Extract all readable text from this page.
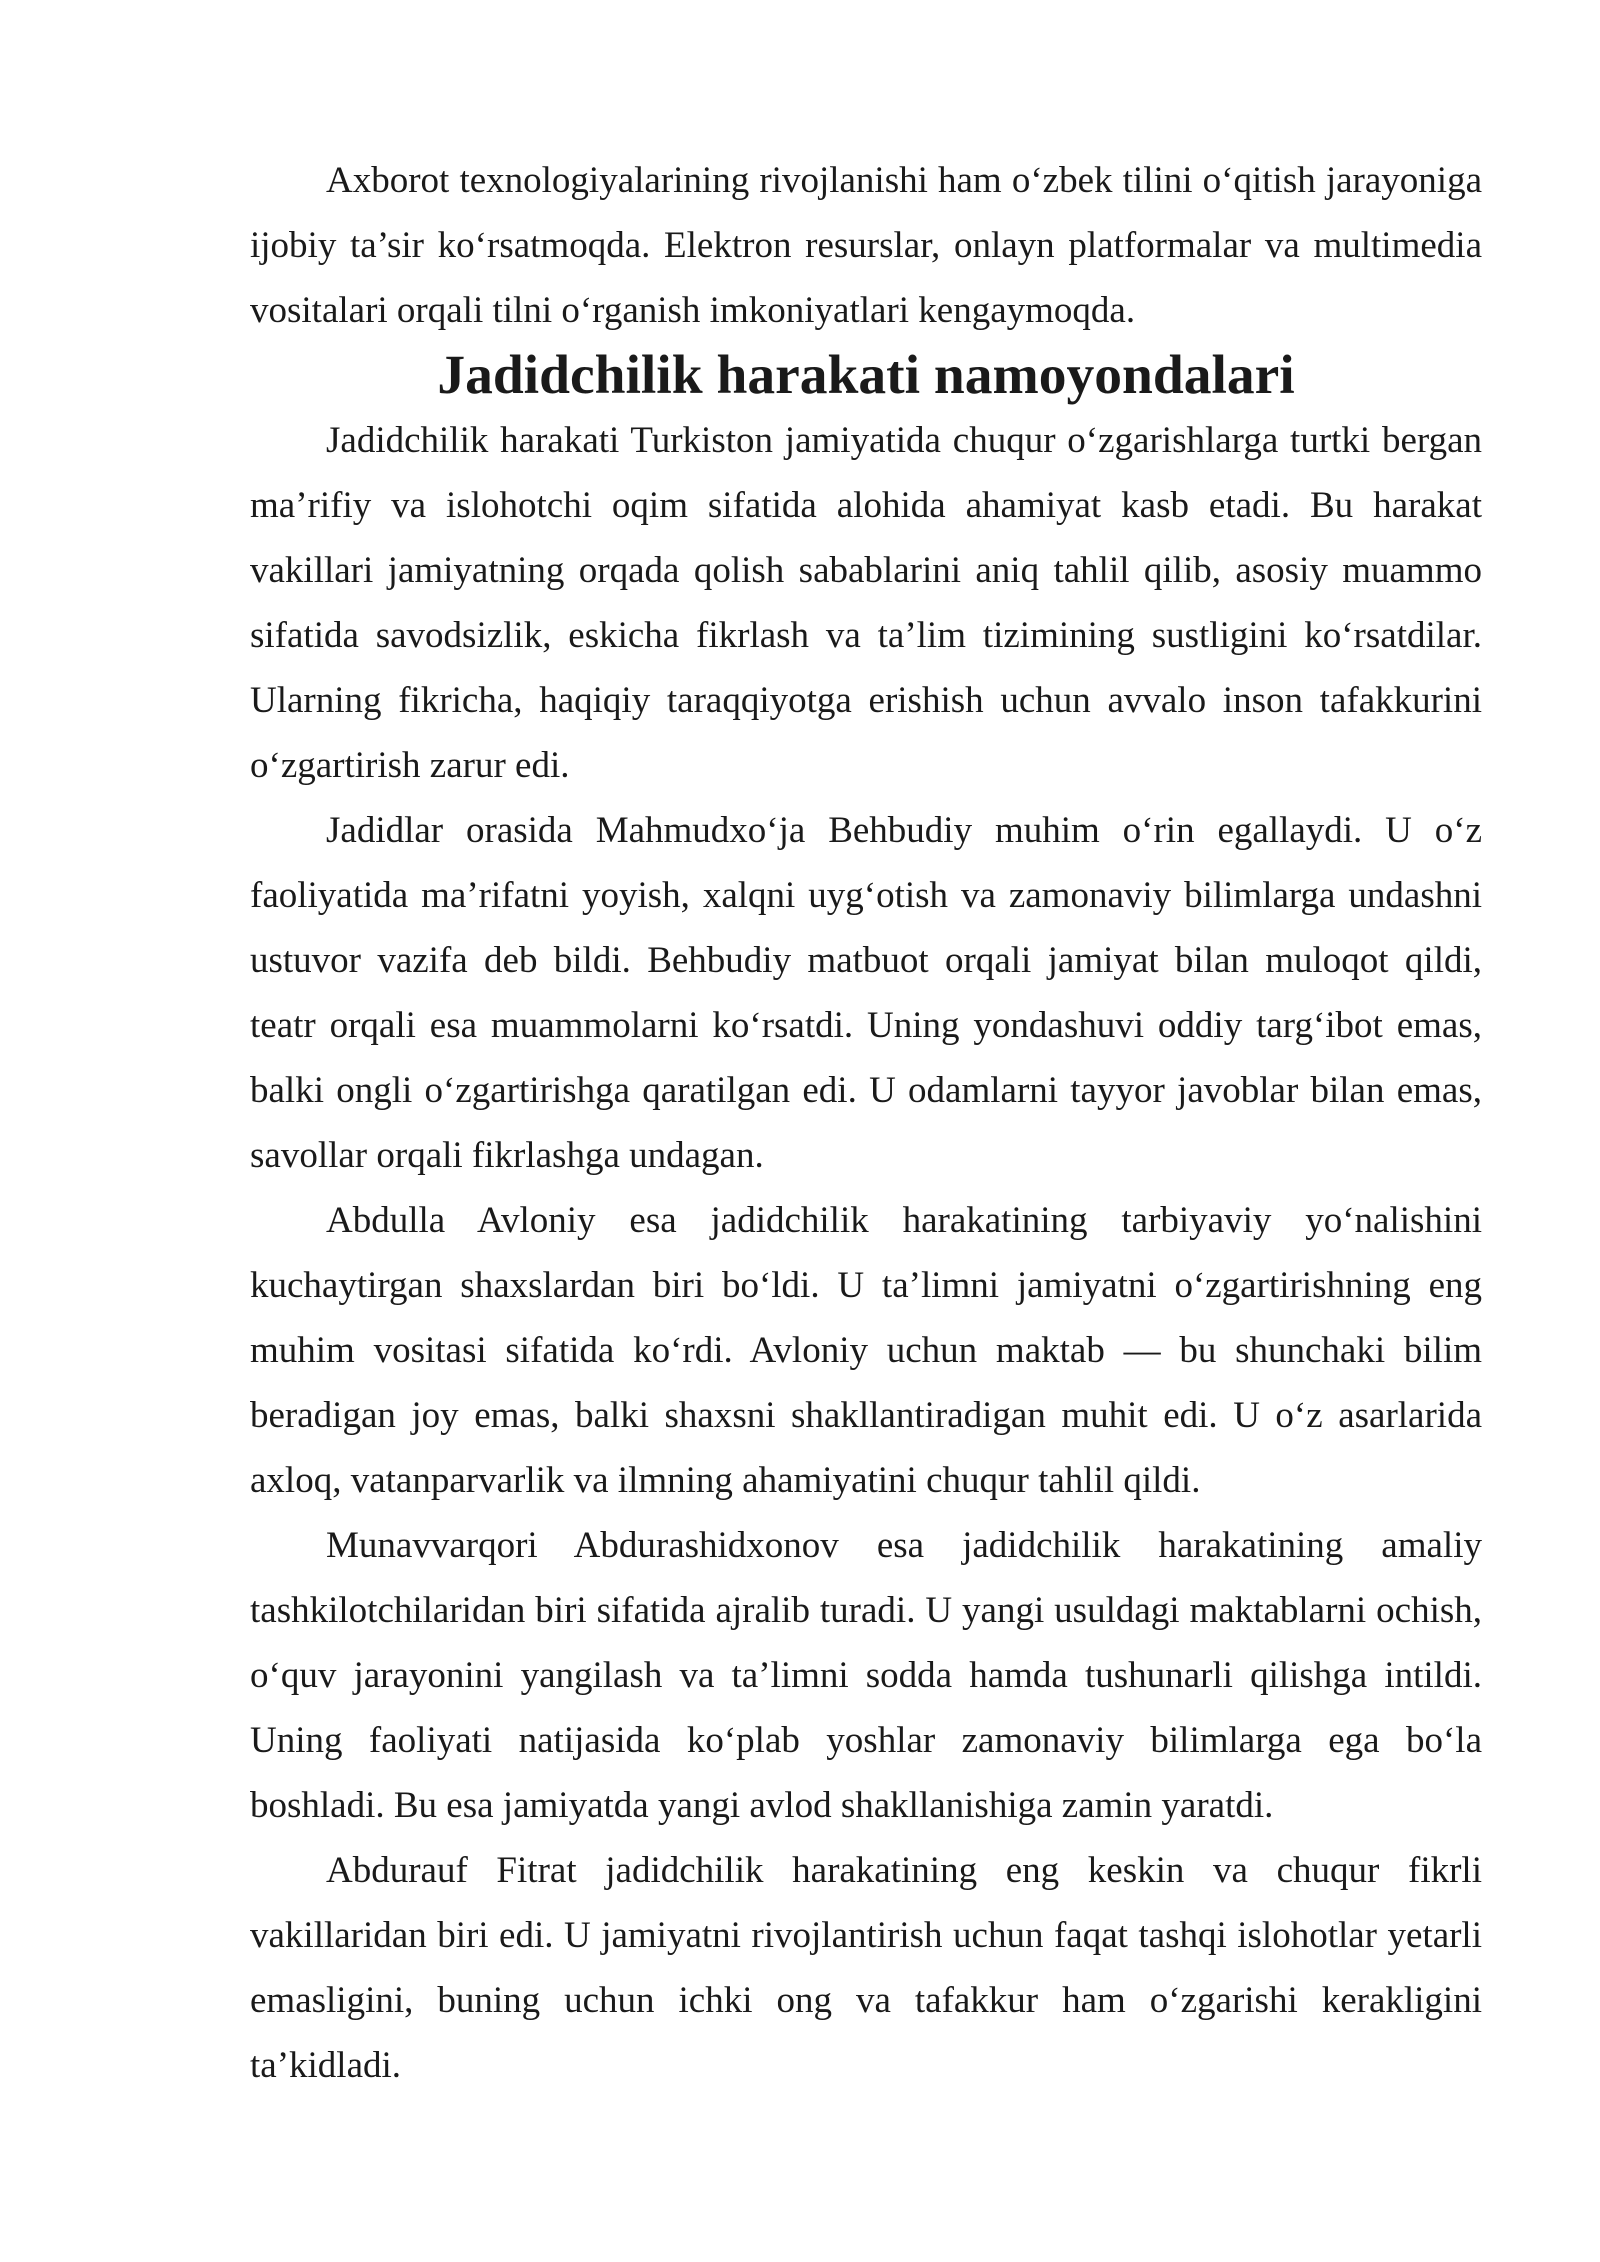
Axborot texnologiyalarining rivojlanishi ham o‘zbek tilini o‘qitish jarayoniga ijobiy ta’sir ko‘rsatmoqda. Elektron resurslar, onlayn platformalar va multimedia vositalari orqali tilni o‘rganish imkoniyatlari kengaymoqda.

Jadidchilik harakati namoyondalari

Jadidchilik harakati Turkiston jamiyatida chuqur o‘zgarishlarga turtki bergan ma’rifiy va islohotchi oqim sifatida alohida ahamiyat kasb etadi. Bu harakat vakillari jamiyatning orqada qolish sabablarini aniq tahlil qilib, asosiy muammo sifatida savodsizlik, eskicha fikrlash va ta’lim tizimining sustligini ko‘rsatdilar. Ularning fikricha, haqiqiy taraqqiyotga erishish uchun avvalo inson tafakkurini o‘zgartirish zarur edi.

Jadidlar orasida Mahmudxo‘ja Behbudiy muhim o‘rin egallaydi. U o‘z faoliyatida ma’rifatni yoyish, xalqni uyg‘otish va zamonaviy bilimlarga undashni ustuvor vazifa deb bildi. Behbudiy matbuot orqali jamiyat bilan muloqot qildi, teatr orqali esa muammolarni ko‘rsatdi. Uning yondashuvi oddiy targ‘ibot emas, balki ongli o‘zgartirishga qaratilgan edi. U odamlarni tayyor javoblar bilan emas, savollar orqali fikrlashga undagan.

Abdulla Avloniy esa jadidchilik harakatining tarbiyaviy yo‘nalishini kuchaytirgan shaxslardan biri bo‘ldi. U ta’limni jamiyatni o‘zgartirishning eng muhim vositasi sifatida ko‘rdi. Avloniy uchun maktab — bu shunchaki bilim beradigan joy emas, balki shaxsni shakllantiradigan muhit edi. U o‘z asarlarida axloq, vatanparvarlik va ilmning ahamiyatini chuqur tahlil qildi.

Munavvarqori Abdurashidxonov esa jadidchilik harakatining amaliy tashkilotchilaridan biri sifatida ajralib turadi. U yangi usuldagi maktablarni ochish, o‘quv jarayonini yangilash va ta’limni sodda hamda tushunarli qilishga intildi. Uning faoliyati natijasida ko‘plab yoshlar zamonaviy bilimlarga ega bo‘la boshladi. Bu esa jamiyatda yangi avlod shakllanishiga zamin yaratdi.

Abdurauf Fitrat jadidchilik harakatining eng keskin va chuqur fikrli vakillaridan biri edi. U jamiyatni rivojlantirish uchun faqat tashqi islohotlar yetarli emasligini, buning uchun ichki ong va tafakkur ham o‘zgarishi kerakligini ta’kidladi.
